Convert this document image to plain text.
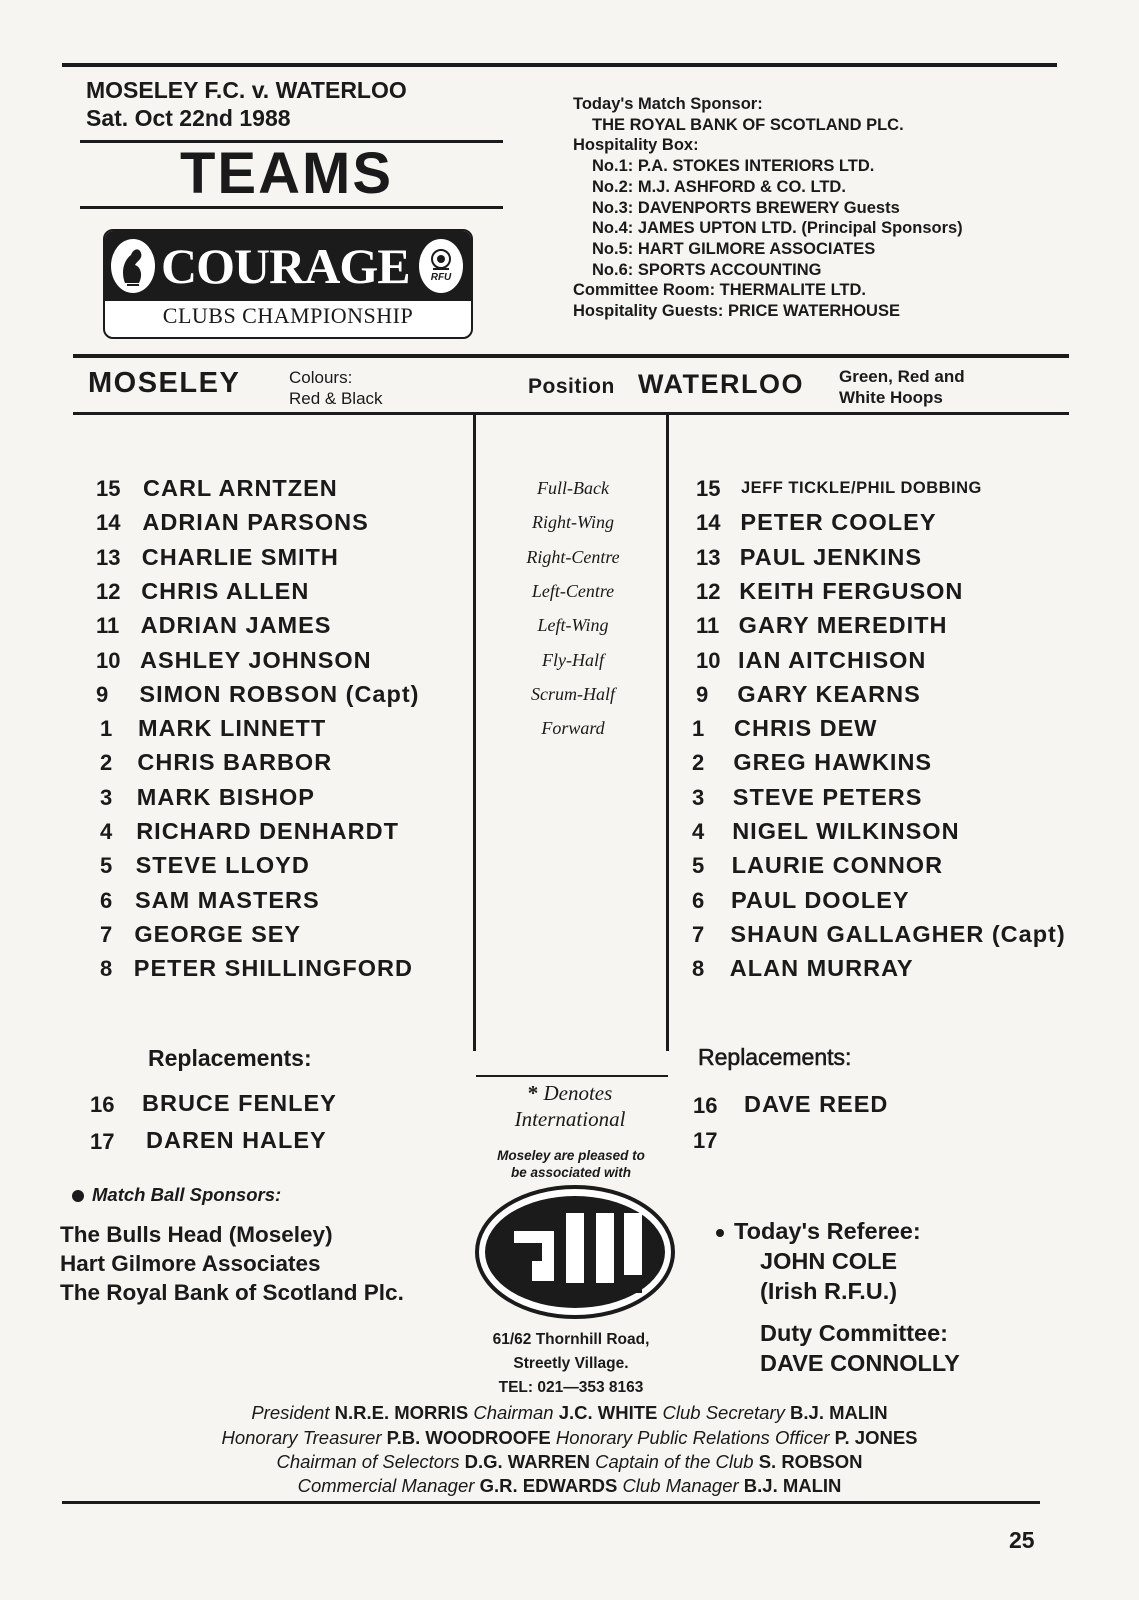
MOSELEY F.C. v. WATERLOO
Sat. Oct 22nd 1988
TEAMS
COURAGE	RFU
CLUBS CHAMPIONSHIP
Today's Match Sponsor:
THE ROYAL BANK OF SCOTLAND PLC.
Hospitality Box:
No.1: P.A. STOKES INTERIORS LTD.
No.2: M.J. ASHFORD & CO. LTD.
No.3: DAVENPORTS BREWERY Guests
No.4: JAMES UPTON LTD. (Principal Sponsors)
No.5: HART GILMORE ASSOCIATES
No.6: SPORTS ACCOUNTING
Committee Room: THERMALITE LTD.
Hospitality Guests: PRICE WATERHOUSE
MOSELEY	Colours:
Red & Black
Position WATERLOO Green, Red and
White Hoops
15 CARL ARNTZEN
14 ADRIAN PARSONS
13 CHARLIE SMITH
12 CHRIS ALLEN
11 ADRIAN JAMES
10 ASHLEY JOHNSON
9 SIMON ROBSON (Capt)
1 MARK LINNETT
2 CHRIS BARBOR
3 MARK BISHOP
4 RICHARD DENHARDT
5 STEVE LLOYD
6 SAM MASTERS
7 GEORGE SEY
8 PETER SHILLINGFORD
Full-Back
Right-Wing
Right-Centre
Left-Centre
Left-Wing
Fly-Half
Scrum-Half
Forward
15 JEFF TICKLE/PHIL DOBBING
14 PETER COOLEY
13 PAUL JENKINS
12 KEITH FERGUSON
11 GARY MEREDITH
10 IAN AITCHISON
9 GARY KEARNS
1 CHRIS DEW
2 GREG HAWKINS
3 STEVE PETERS
4 NIGEL WILKINSON
5 LAURIE CONNOR
6 PAUL DOOLEY
7 SHAUN GALLAGHER (Capt)
8 ALAN MURRAY
Replacements:
16 BRUCE FENLEY
17 DAREN HALEY
Replacements:
16 DAVE REED
17
* Denotes
International
Moseley are pleased to
be associated with
61/62 Thornhill Road,
Streetly Village.
TEL: 021—353 8163
Match Ball Sponsors:
The Bulls Head (Moseley)
Hart Gilmore Associates
The Royal Bank of Scotland Plc.
Today's Referee:
JOHN COLE
(Irish R.F.U.)
Duty Committee:
DAVE CONNOLLY
President N.R.E. MORRIS Chairman J.C. WHITE Club Secretary B.J. MALIN
Honorary Treasurer P.B. WOODROOFE Honorary Public Relations Officer P. JONES
Chairman of Selectors D.G. WARREN Captain of the Club S. ROBSON
Commercial Manager G.R. EDWARDS Club Manager B.J. MALIN
25
